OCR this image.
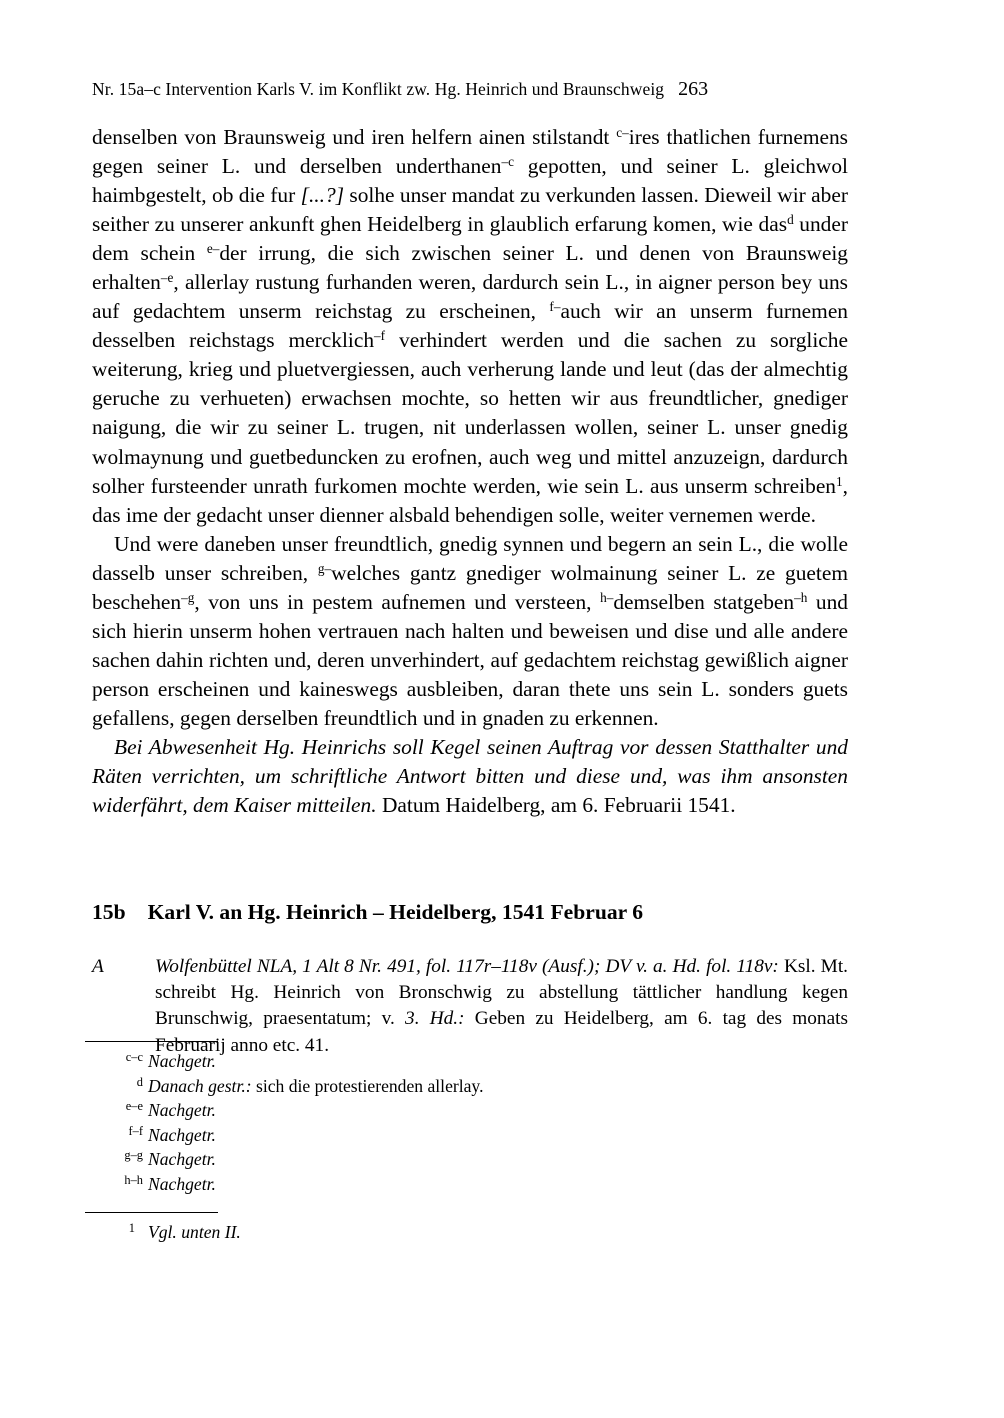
Nr. 15a–c Intervention Karls V. im Konflikt zw. Hg. Heinrich und Braunschweig 263

denselben von Braunsweig und iren helfern ainen stilstandt $^{c-}$ires thatlichen furnemens gegen seiner L. und derselben underthanen$^{-c}$ gepotten, und seiner L. gleichwol haimbgestelt, ob die fur [...?] solhe unser mandat zu verkunden lassen. Dieweil wir aber seither zu unserer ankunft ghen Heidelberg in glaublich erfarung komen, wie das$^d$ under dem schein $^{e-}$der irrung, die sich zwischen seiner L. und denen von Braunsweig erhalten$^{-e}$, allerlay rustung furhanden weren, dardurch sein L., in aigner person bey uns auf gedachtem unserm reichstag zu erscheinen, $^{f-}$auch wir an unserm furnemen desselben reichstags mercklich$^{-f}$ verhindert werden und die sachen zu sorgliche weiterung, krieg und pluetvergiessen, auch verherung lande und leut (das der almechtig geruche zu verhueten) erwachsen mochte, so hetten wir aus freundtlicher, gnediger naigung, die wir zu seiner L. trugen, nit underlassen wollen, seiner L. unser gnedig wolmaynung und guetbeduncken zu erofnen, auch weg und mittel anzuzeign, dardurch solher fursteender unrath furkomen mochte werden, wie sein L. aus unserm schreiben$^1$, das ime der gedacht unser dienner alsbald behendigen solle, weiter vernemen werde.

Und were daneben unser freundtlich, gnedig synnen und begern an sein L., die wolle dasselb unser schreiben, $^{g-}$welches gantz gnediger wolmainung seiner L. ze guetem beschehen$^{-g}$, von uns in pestem aufnemen und versteen, $^{h-}$demselben statgeben$^{-h}$ und sich hierin unserm hohen vertrauen nach halten und beweisen und dise und alle andere sachen dahin richten und, deren unverhindert, auf gedachtem reichstag gewißlich aigner person erscheinen und kaineswegs ausbleiben, daran thete uns sein L. sonders guets gefallens, gegen derselben freundtlich und in gnaden zu erkennen.

Bei Abwesenheit Hg. Heinrichs soll Kegel seinen Auftrag vor dessen Statthalter und Räten verrichten, um schriftliche Antwort bitten und diese und, was ihm ansonsten widerfährt, dem Kaiser mitteilen. Datum Haidelberg, am 6. Februarii 1541.

15b Karl V. an Hg. Heinrich – Heidelberg, 1541 Februar 6
A	Wolfenbüttel NLA, 1 Alt 8 Nr. 491, fol. 117r–118v (Ausf.); DV v. a. Hd. fol. 118v: Ksl. Mt. schreibt Hg. Heinrich von Bronschwig zu abstellung tättlicher handlung kegen Brunschwig, praesentatum; v. 3. Hd.: Geben zu Heidelberg, am 6. tag des monats Februarij anno etc. 41.
c–c Nachgetr.
d Danach gestr.: sich die protestierenden allerlay.
e–e Nachgetr.
f–f Nachgetr.
g–g Nachgetr.
h–h Nachgetr.
1 Vgl. unten II.
